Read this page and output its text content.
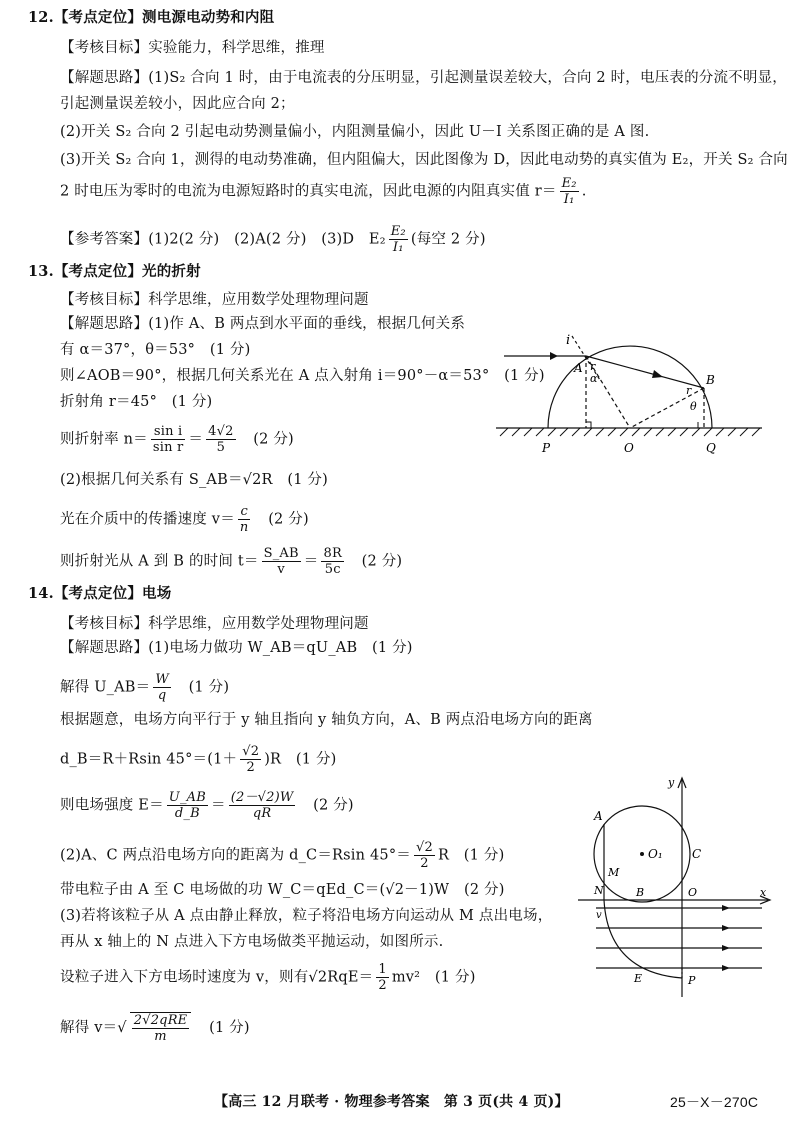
12.【考点定位】测电源电动势和内阻
【考核目标】实验能力，科学思维，推理
【解题思路】(1)S₂ 合向 1 时，由于电流表的分压明显，引起测量误差较大，合向 2 时，电压表的分流不明显，
引起测量误差较小，因此应合向 2；
(2)开关 S₂ 合向 2 引起电动势测量偏小，内阻测量偏小，因此 U－I 关系图正确的是 A 图.
(3)开关 S₂ 合向 1，测得的电动势准确，但内阻偏大，因此图像为 D，因此电动势的真实值为 E₂，开关 S₂ 合向
2 时电压为零时的电流为电源短路时的真实电流，因此电源的内阻真实值 $r= \frac{\text{E₂}}{\text{I₁}}$ .
【参考答案】(1)2(2 分)　(2)A(2 分)　(3)D　$E_2 \frac{\text{E₂}}{\text{I₁}}$ (每空 2 分)
13.【考点定位】光的折射
【考核目标】科学思维，应用数学处理物理问题
【解题思路】(1)作 A、B 两点到水平面的垂线，根据几何关系
有 α＝37°，θ＝53°　(1 分)
则∠AOB＝90°，根据几何关系光在 A 点入射角 i＝90°－α＝53°　(1 分)
折射角 r＝45°　(1 分)
则折射率 $n= \frac{\text{sin i}}{\text{sin r}} = \frac{4√2}{5}$
　 (2 分)
(2)根据几何关系有 S_AB＝√2R　(1 分)
光在介质中的传播速度 $v= \frac{c}{n}$
　 (2 分)
则折射光从 A 到 B 的时间 $t= \frac{S\_AB}{v} = \frac{8R}{5c}$
　 (2 分)
i
A r
α	B
r
θ
P	O	Q
14.【考点定位】电场
【考核目标】科学思维，应用数学处理物理问题
【解题思路】(1)电场力做功 W_AB＝qU_AB　(1 分)
解得 U_AB＝ $\frac{W}{q}$
　 (1 分)
根据题意，电场方向平行于 y 轴且指向 y 轴负方向，A、B 两点沿电场方向的距离
d_B＝R＋Rsin $45^\circ=(1+ \frac{√2}{2} )R$　(1 分)
则电场强度 $E= \frac{U\_AB}{d\_B} = \frac{(2-√2)W}{qR}$
　 (2 分)
(2)A、C 两点沿电场方向的距离为 d_C＝Rsin $45^\circ= \frac{√2}{2}$ R　(1 分)
带电粒子由 A 至 C 电场做的功 W_C＝qEd_C＝(√2－1)W　(2 分)
(3)若将该粒子从 A 点由静止释放，粒子将沿电场方向运动从 M 点出电场，
再从 x 轴上的 N 点进入下方电场做类平抛运动，如图所示.
设粒子进入下方电场时速度为 v，则有$√2RqE= \frac{1}{2} mv^2$　(1 分)
解得 $v=√ \frac{\text{2√2qRE}}{m}$
　 (1 分)
y
A
O₁ C
M
N	B	O	x
v
E	P
【高三 12 月联考 · 物理参考答案　第 3 页(共 4 页)】	25－X－270C
